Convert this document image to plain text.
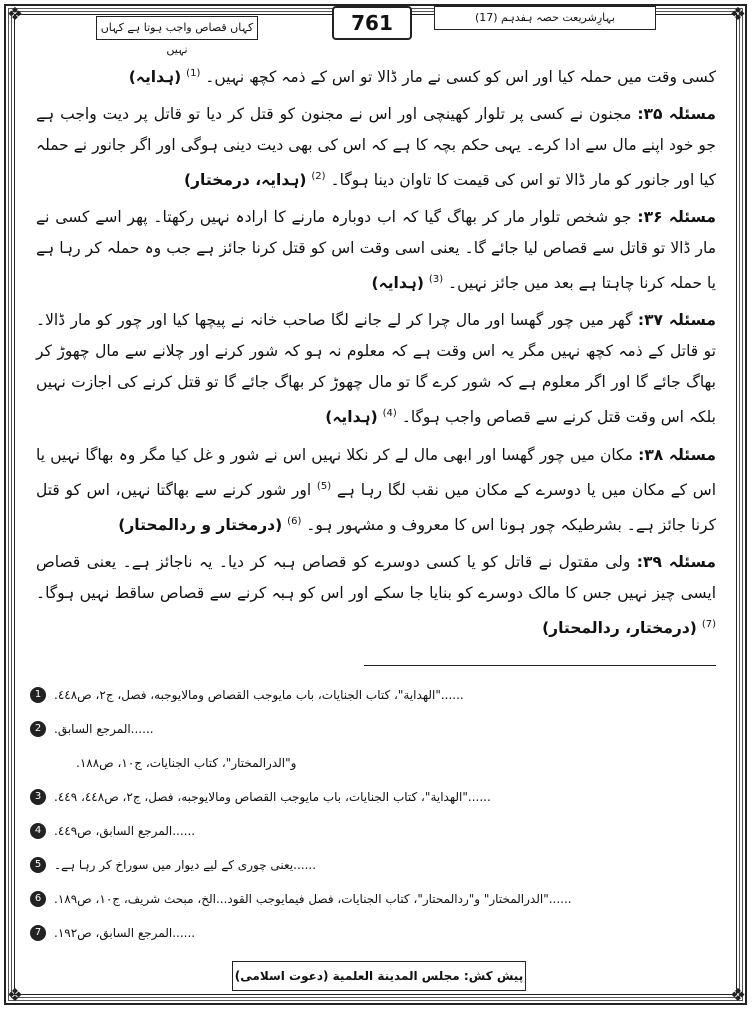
❖	❖
❖	❖
کہاں قصاص واجب ہوتا ہے کہاں نہیں
761	بہارِشریعت حصہ ہفدہم (17)

کسی وقت میں حملہ کیا اور اس کو کسی نے مار ڈالا تو اس کے ذمہ کچھ نہیں۔ $^{(1)}$ (ہدایہ)

مسئلہ ۳۵: مجنون نے کسی پر تلوار کھینچی اور اس نے مجنون کو قتل کر دیا تو قاتل پر دیت واجب ہے جو خود اپنے مال سے ادا کرے۔ یہی حکم بچہ کا ہے کہ اس کی بھی دیت دینی ہوگی اور اگر جانور نے حملہ کیا اور جانور کو مار ڈالا تو اس کی قیمت کا تاوان دینا ہوگا۔ $^{(2)}$ (ہدایہ، درمختار)

مسئلہ ۳۶: جو شخص تلوار مار کر بھاگ گیا کہ اب دوبارہ مارنے کا ارادہ نہیں رکھتا۔ پھر اسے کسی نے مار ڈالا تو قاتل سے قصاص لیا جائے گا۔ یعنی اسی وقت اس کو قتل کرنا جائز ہے جب وہ حملہ کر رہا ہے یا حملہ کرنا چاہتا ہے بعد میں جائز نہیں۔ $^{(3)}$ (ہدایہ)

مسئلہ ۳۷: گھر میں چور گھسا اور مال چرا کر لے جانے لگا صاحب خانہ نے پیچھا کیا اور چور کو مار ڈالا۔ تو قاتل کے ذمہ کچھ نہیں مگر یہ اس وقت ہے کہ معلوم نہ ہو کہ شور کرنے اور چلانے سے مال چھوڑ کر بھاگ جائے گا اور اگر معلوم ہے کہ شور کرے گا تو مال چھوڑ کر بھاگ جائے گا تو قتل کرنے کی اجازت نہیں بلکہ اس وقت قتل کرنے سے قصاص واجب ہوگا۔ $^{(4)}$ (ہدایہ)

مسئلہ ۳۸: مکان میں چور گھسا اور ابھی مال لے کر نکلا نہیں اس نے شور و غل کیا مگر وہ بھاگا نہیں یا اس کے مکان میں یا دوسرے کے مکان میں نقب لگا رہا ہے $^{(5)}$ اور شور کرنے سے بھاگتا نہیں، اس کو قتل کرنا جائز ہے۔ بشرطیکہ چور ہونا اس کا معروف و مشہور ہو۔ $^{(6)}$ (درمختار و ردالمحتار)

مسئلہ ۳۹: ولی مقتول نے قاتل کو یا کسی دوسرے کو قصاص ہبہ کر دیا۔ یہ ناجائز ہے۔ یعنی قصاص ایسی چیز نہیں جس کا مالک دوسرے کو بنایا جا سکے اور اس کو ہبہ کرنے سے قصاص ساقط نہیں ہوگا۔ $^{(7)}$ (درمختار، ردالمحتار)

1	......"الهداية"، كتاب الجنايات، باب مايوجب القصاص ومالايوجبه، فصل، ج٢، ص٤٤٨.
2	......المرجع السابق.
و"الدرالمختار"، كتاب الجنايات، ج١٠، ص١٨٨.
3	......"الهداية"، كتاب الجنايات، باب مايوجب القصاص ومالايوجبه، فصل، ج٢، ص٤٤٨، ٤٤٩.
4	......المرجع السابق، ص٤٤٩.
5	......یعنی چوری کے لیے دیوار میں سوراخ کر رہا ہے۔
6	......"الدرالمختار" و"ردالمحتار"، كتاب الجنايات، فصل فيمايوجب القود...الخ، مبحث شريف، ج١٠، ص١٨٩.
7	......المرجع السابق، ص١٩٢.
پیش کش: مجلس المدينة العلمية (دعوت اسلامی)
